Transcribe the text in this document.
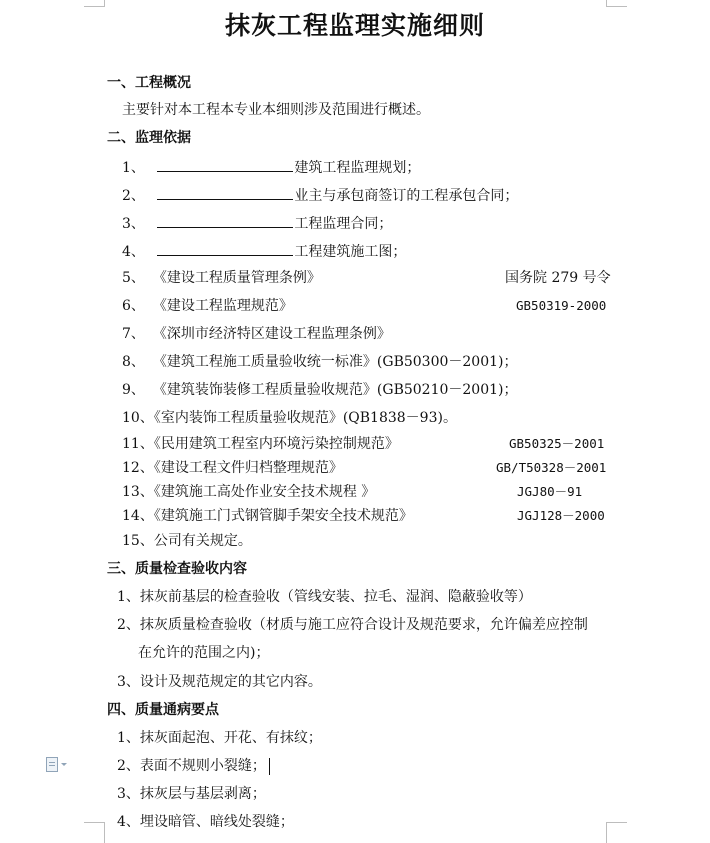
抹灰工程监理实施细则
一、工程概况
主要针对本工程本专业本细则涉及范围进行概述。
二、监理依据
1、	建筑工程监理规划；
2、	业主与承包商签订的工程承包合同；
3、	工程监理合同；
4、	工程建筑施工图；
5、 《建设工程质量管理条例》	国务院 279 号令
6、 《建设工程监理规范》	GB50319-2000
7、 《深圳市经济特区建设工程监理条例》
8、 《建筑工程施工质量验收统一标准》(GB50300－2001)；
9、 《建筑装饰装修工程质量验收规范》(GB50210－2001)；
10、《室内装饰工程质量验收规范》(QB1838－93)。
11、《民用建筑工程室内环境污染控制规范》	GB50325－2001
12、《建设工程文件归档整理规范》	GB/T50328－2001
13、《建筑施工高处作业安全技术规程 》	JGJ80－91
14、《建筑施工门式钢管脚手架安全技术规范》	JGJ128－2000
15、公司有关规定。
三、质量检查验收内容
1、抹灰前基层的检查验收（管线安装、拉毛、湿润、隐蔽验收等）
2、抹灰质量检查验收（材质与施工应符合设计及规范要求，允许偏差应控制
在允许的范围之内)；
3、设计及规范规定的其它内容。
四、质量通病要点
1、抹灰面起泡、开花、有抹纹；
2、表面不规则小裂缝；
3、抹灰层与基层剥离；
4、埋设暗管、暗线处裂缝；
